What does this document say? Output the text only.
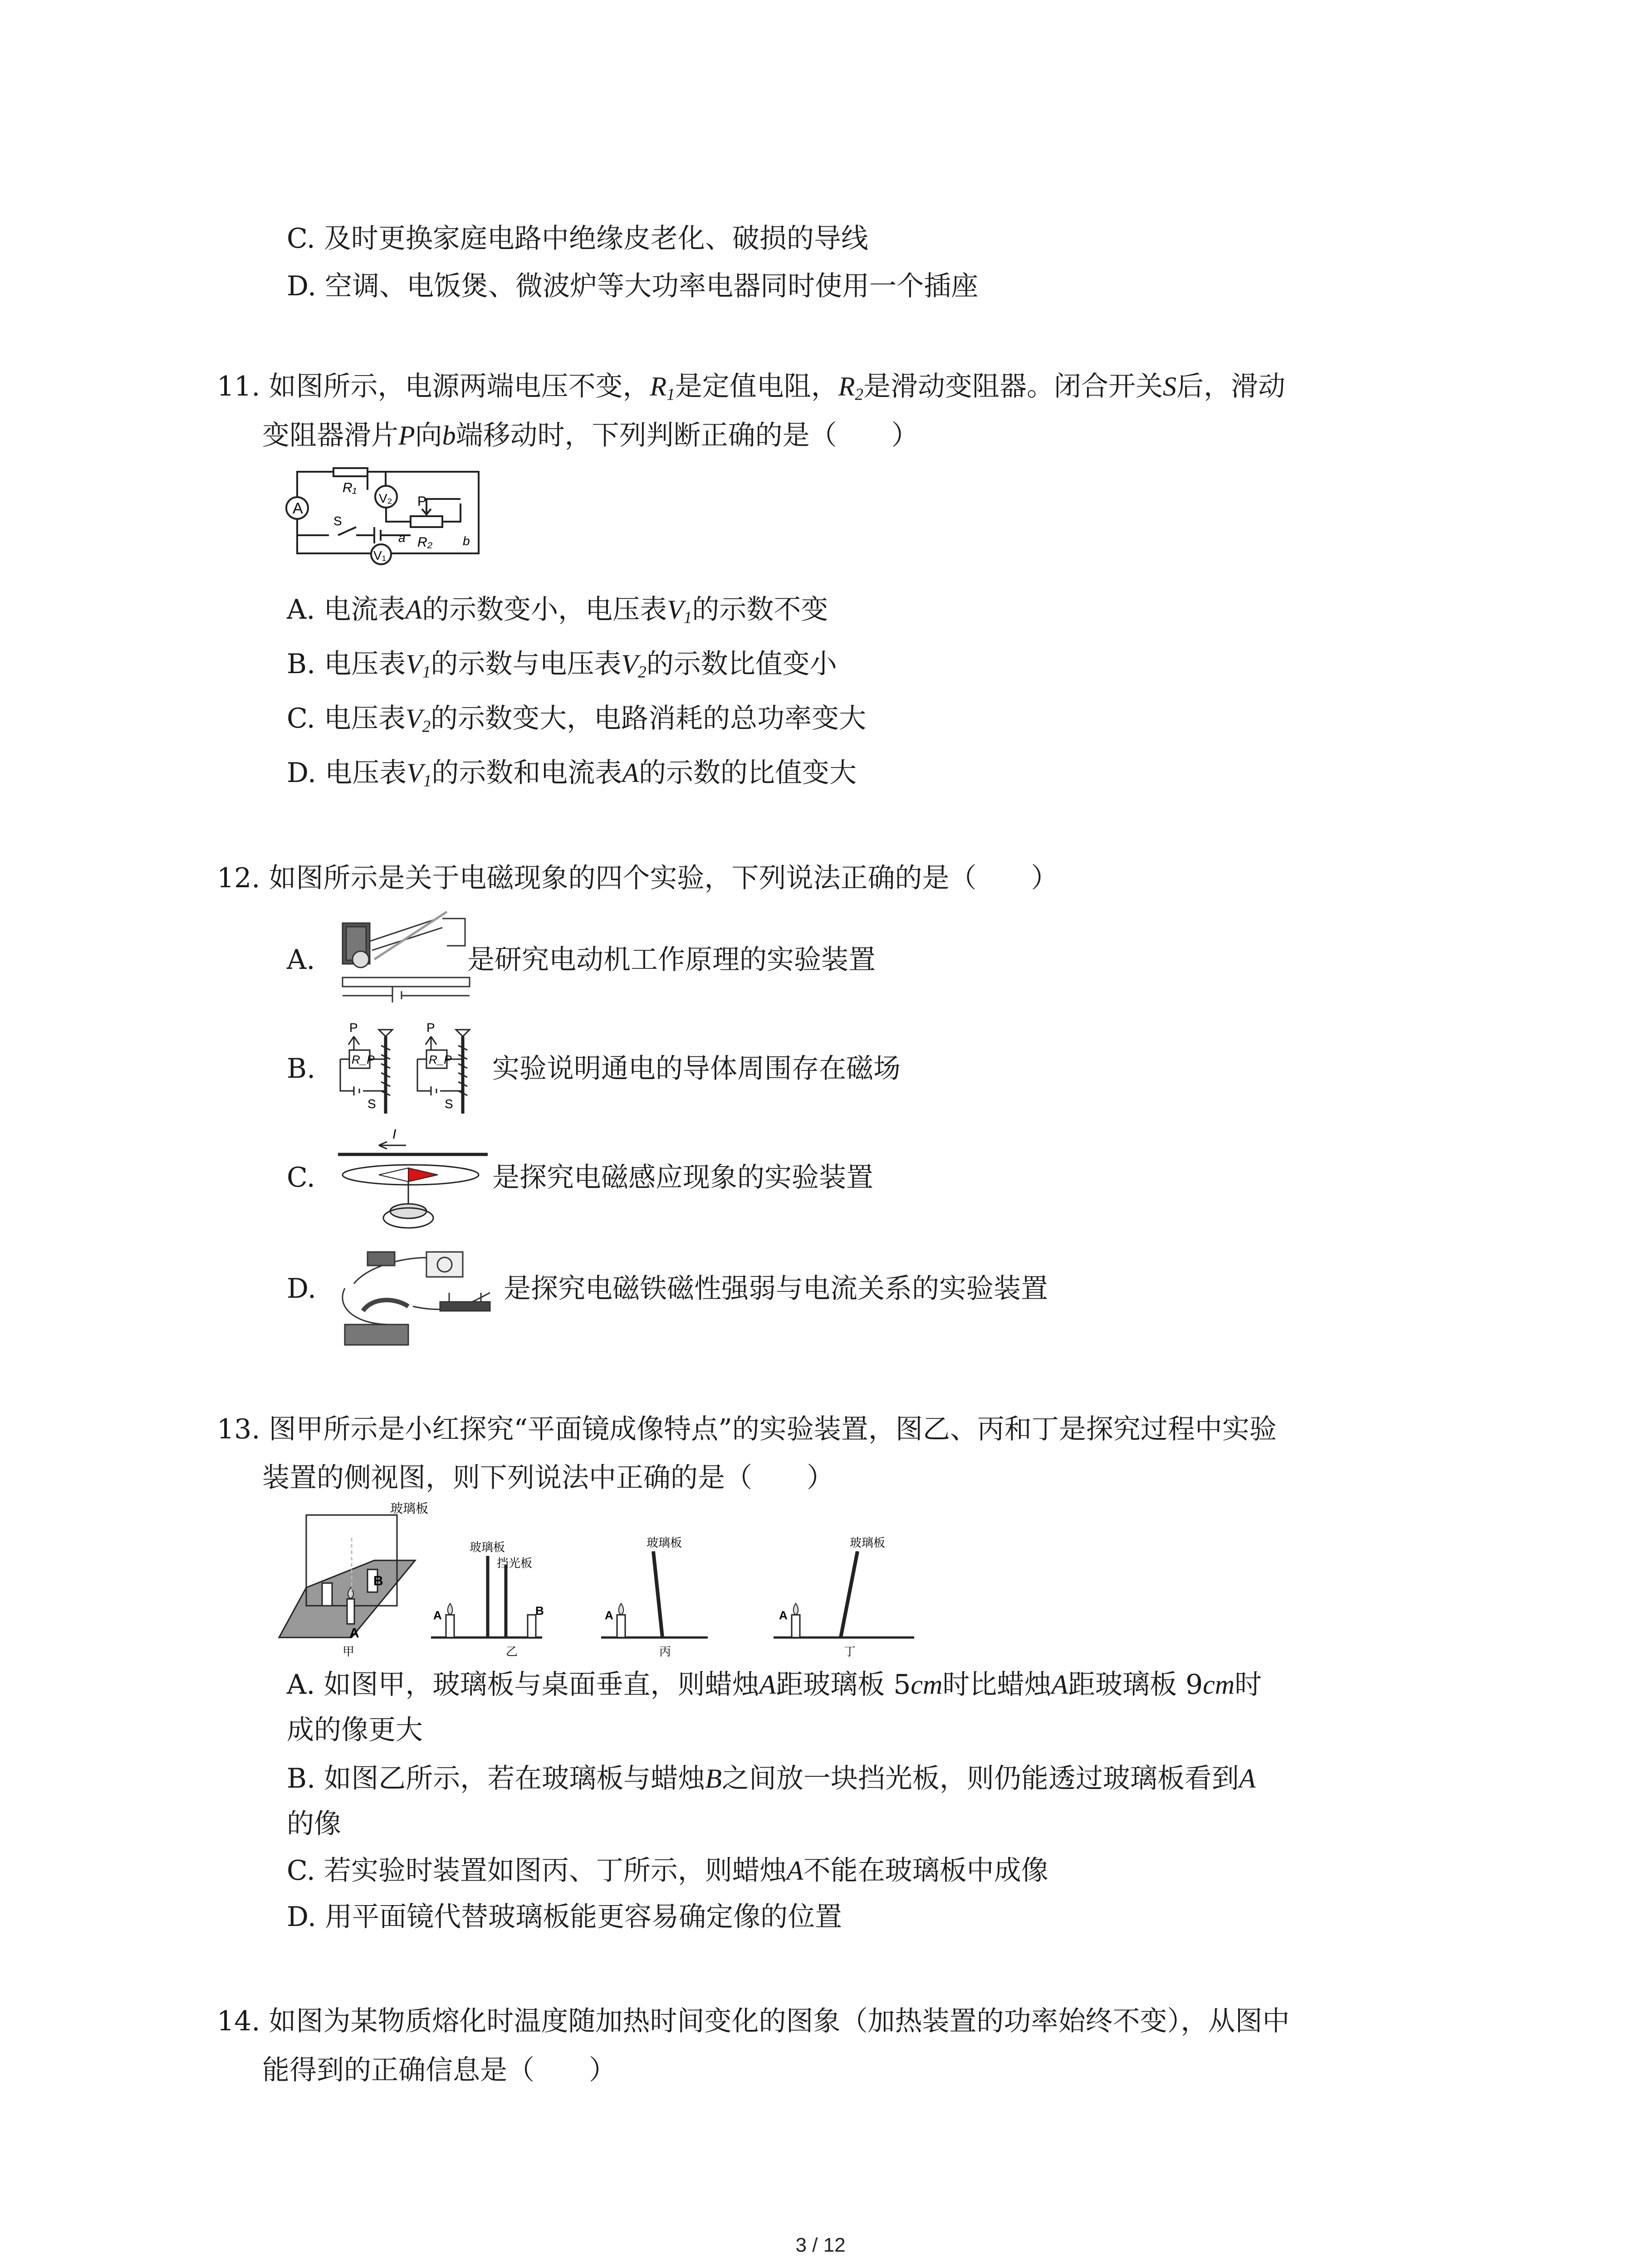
C. 及时更换家庭电路中绝缘皮老化、破损的导线
D. 空调、电饭煲、微波炉等大功率电器同时使用一个插座
11. 如图所示，电源两端电压不变，$R_1$是定值电阻，$R_2$是滑动变阻器。闭合开关S后，滑动
变阻器滑片P向b端移动时，下列判断正确的是（　　）
A
V₂
V₁
R₁
R₂
P
S
a	b
A. 电流表A的示数变小，电压表$V_1$的示数不变
B. 电压表$V_1$的示数与电压表$V_2$的示数比值变小
C. 电压表$V_2$的示数变大，电路消耗的总功率变大
D. 电压表$V_1$的示数和电流表A的示数的比值变大
12. 如图所示是关于电磁现象的四个实验，下列说法正确的是（　　）
A.	是研究电动机工作原理的实验装置
B.	R_P	R_P
S	S
P	P
实验说明通电的导体周围存在磁场
C.
I
是探究电磁感应现象的实验装置
D.	是探究电磁铁磁性强弱与电流关系的实验装置
13. 图甲所示是小红探究“平面镜成像特点”的实验装置，图乙、丙和丁是探究过程中实验
装置的侧视图，则下列说法中正确的是（　　）
玻璃板
B
A
甲
A
玻璃板
挡光板
B
乙
A
玻璃板
丙
A
玻璃板
丁
A. 如图甲，玻璃板与桌面垂直，则蜡烛A距玻璃板 5cm时比蜡烛A距玻璃板 9cm时
成的像更大
B. 如图乙所示，若在玻璃板与蜡烛B之间放一块挡光板，则仍能透过玻璃板看到A
的像
C. 若实验时装置如图丙、丁所示，则蜡烛A不能在玻璃板中成像
D. 用平面镜代替玻璃板能更容易确定像的位置
14. 如图为某物质熔化时温度随加热时间变化的图象（加热装置的功率始终不变），从图中
能得到的正确信息是（　　）
3 / 12
